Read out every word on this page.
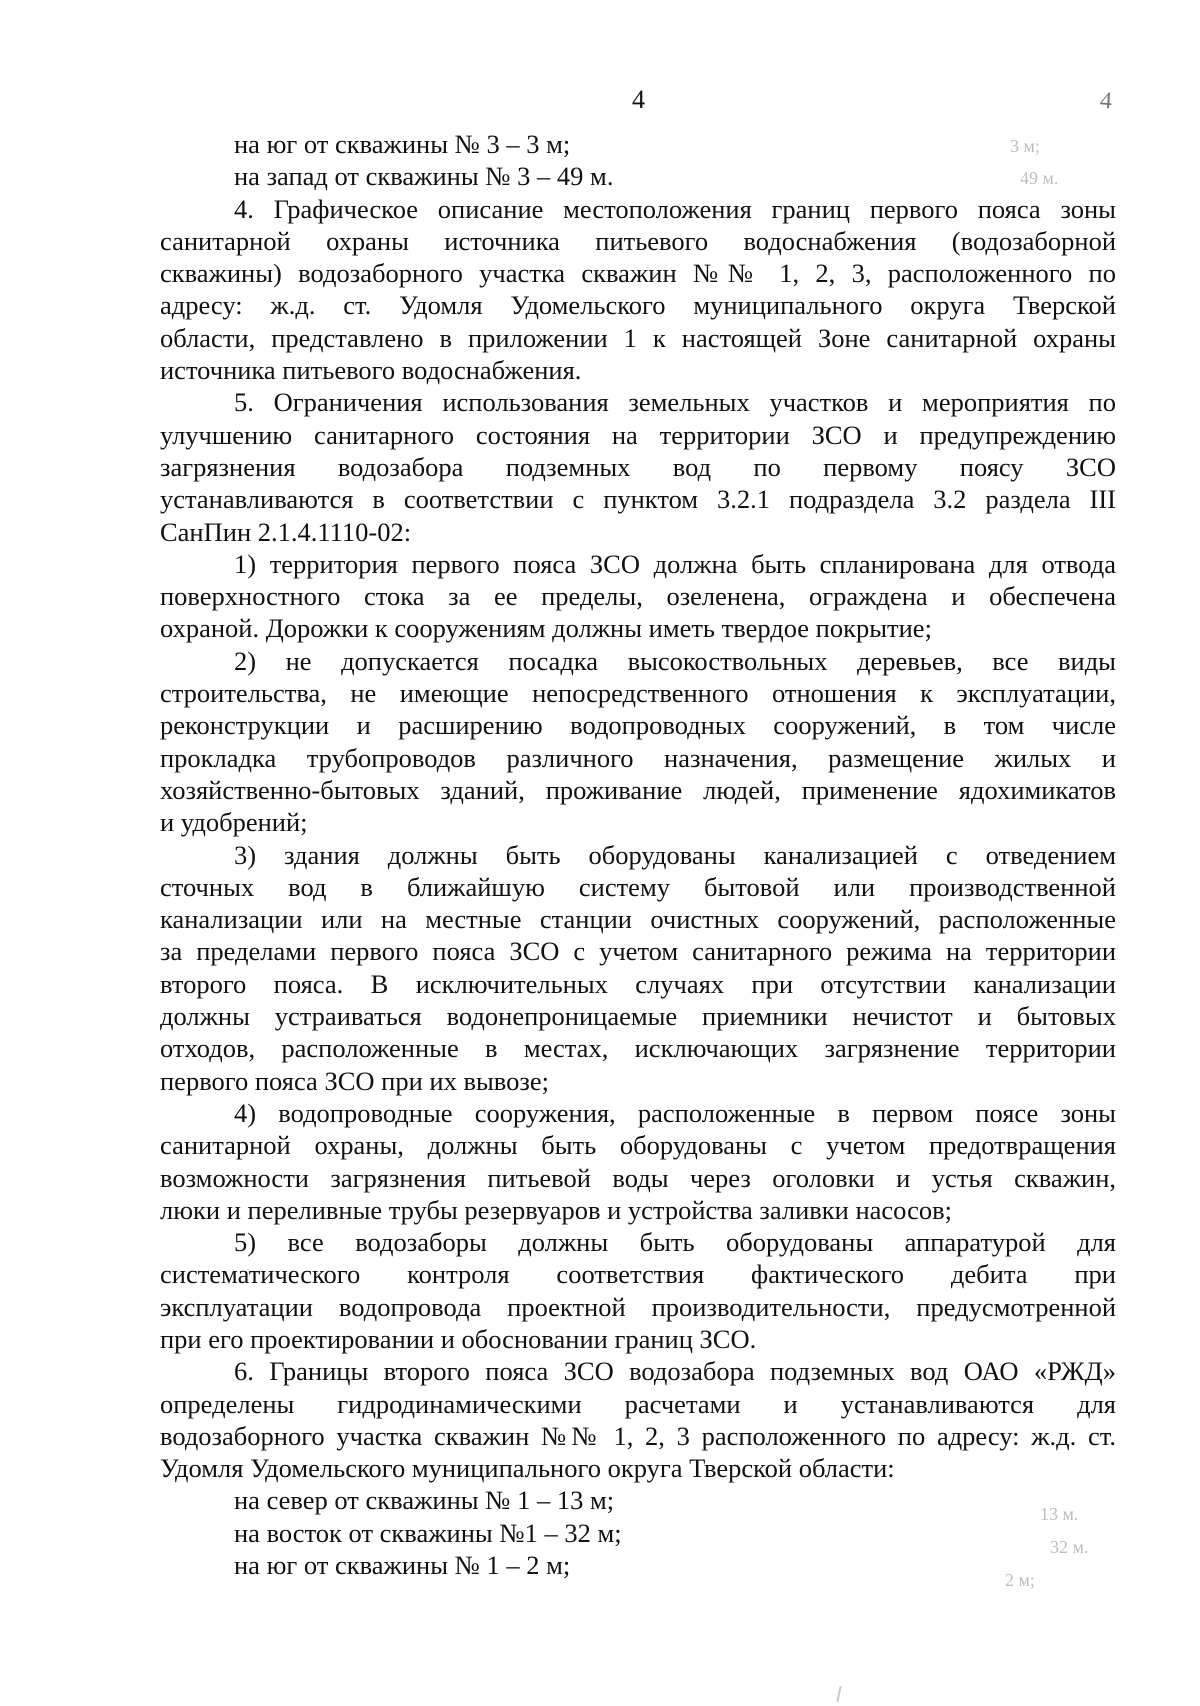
4	4
3 м;
49 м.
13 м.
32 м.
2 м;
на юг от скважины № 3 – 3 м;
на запад от скважины № 3 – 49 м.
4. Графическое описание местоположения границ первого пояса зоны
санитарной охраны источника питьевого водоснабжения (водозаборной
скважины) водозаборного участка скважин №№ 1, 2, 3, расположенного по
адресу: ж.д. ст. Удомля Удомельского муниципального округа Тверской
области, представлено в приложении 1 к настоящей Зоне санитарной охраны
источника питьевого водоснабжения.
5. Ограничения использования земельных участков и мероприятия по
улучшению санитарного состояния на территории ЗСО и предупреждению
загрязнения водозабора подземных вод по первому поясу ЗСО
устанавливаются в соответствии с пунктом 3.2.1 подраздела 3.2 раздела III
СанПин 2.1.4.1110-02:
1) территория первого пояса ЗСО должна быть спланирована для отвода
поверхностного стока за ее пределы, озеленена, ограждена и обеспечена
охраной. Дорожки к сооружениям должны иметь твердое покрытие;
2) не допускается посадка высокоствольных деревьев, все виды
строительства, не имеющие непосредственного отношения к эксплуатации,
реконструкции и расширению водопроводных сооружений, в том числе
прокладка трубопроводов различного назначения, размещение жилых и
хозяйственно-бытовых зданий, проживание людей, применение ядохимикатов
и удобрений;
3) здания должны быть оборудованы канализацией с отведением
сточных вод в ближайшую систему бытовой или производственной
канализации или на местные станции очистных сооружений, расположенные
за пределами первого пояса ЗСО с учетом санитарного режима на территории
второго пояса. В исключительных случаях при отсутствии канализации
должны устраиваться водонепроницаемые приемники нечистот и бытовых
отходов, расположенные в местах, исключающих загрязнение территории
первого пояса ЗСО при их вывозе;
4) водопроводные сооружения, расположенные в первом поясе зоны
санитарной охраны, должны быть оборудованы с учетом предотвращения
возможности загрязнения питьевой воды через оголовки и устья скважин,
люки и переливные трубы резервуаров и устройства заливки насосов;
5) все водозаборы должны быть оборудованы аппаратурой для
систематического контроля соответствия фактического дебита при
эксплуатации водопровода проектной производительности, предусмотренной
при его проектировании и обосновании границ ЗСО.
6. Границы второго пояса ЗСО водозабора подземных вод ОАО «РЖД»
определены гидродинамическими расчетами и устанавливаются для
водозаборного участка скважин №№ 1, 2, 3 расположенного по адресу: ж.д. ст.
Удомля Удомельского муниципального округа Тверской области:
на север от скважины № 1 – 13 м;
на восток от скважины №1 – 32 м;
на юг от скважины № 1 – 2 м;
